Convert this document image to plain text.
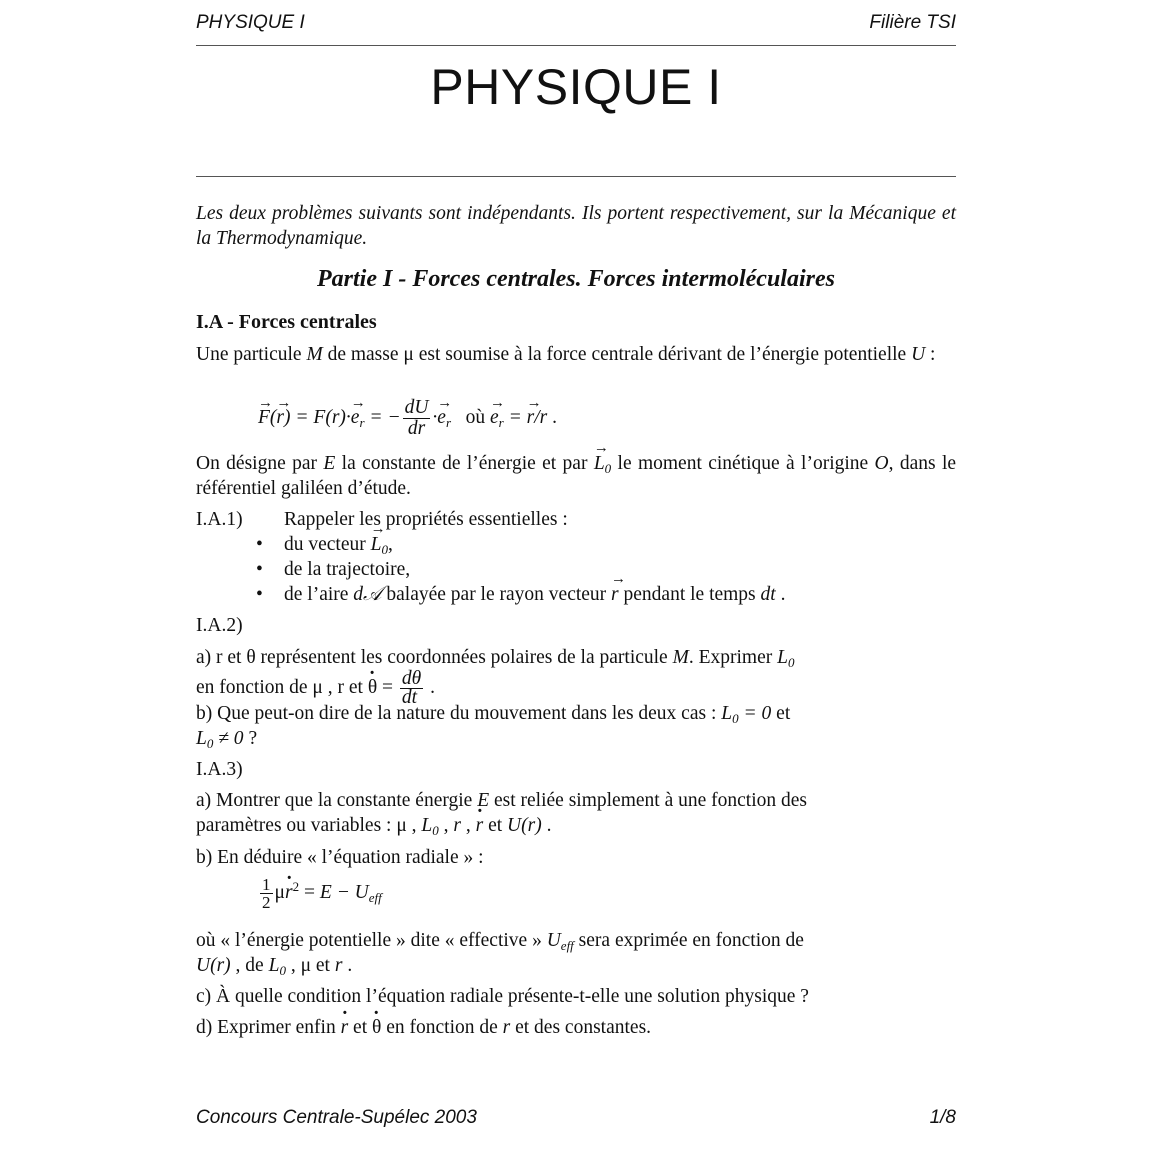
PHYSIQUE I	Filière TSI
PHYSIQUE I
Les deux problèmes suivants sont indépendants. Ils portent respectivement, sur la Mécanique et la Thermodynamique.
Partie I - Forces centrales. Forces intermoléculaires
I.A - Forces centrales
Une particule M de masse μ est soumise à la force centrale dérivant de l’énergie potentielle U :
→ $F(\to r) = F(r)\cdot\to e_r$ = − $\frac{dU}{dr} \cdot\to e_r$   où → $e_r$ = → r/r .
On désigne par E la constante de l’énergie et par → $L_0$ le moment cinétique à l’origine O, dans le référentiel galiléen d’étude.
I.A.1) Rappeler les propriétés essentielles :
• du vecteur → $L_0$,
• de la trajectoire,
• de l’aire d𝒜 balayée par le rayon vecteur → r pendant le temps dt .
I.A.2)
a) r et θ représentent les coordonnées polaires de la particule M. Exprimer $L_0$
en fonction de μ , r et θ · = $\frac{d\theta}{dt}$ .
b) Que peut-on dire de la nature du mouvement dans les deux cas : $L_0 = 0$ et
$L_0 \ne 0$ ?
I.A.3)
a) Montrer que la constante énergie E est reliée simplement à une fonction des
paramètres ou variables : μ , $L_0$ , r , r · et U(r) .
b) En déduire « l’équation radiale » :
$\frac{1}{2}$ $\mu r \cdot^2 = E - U_{eff}$
où « l’énergie potentielle » dite « effective » $U_{eff}$ sera exprimée en fonction de
U(r) , de $L_0$ , μ et r .
c) À quelle condition l’équation radiale présente-t-elle une solution physique ?
d) Exprimer enfin r · et θ · en fonction de r et des constantes.
Concours Centrale-Supélec 2003	1/8
